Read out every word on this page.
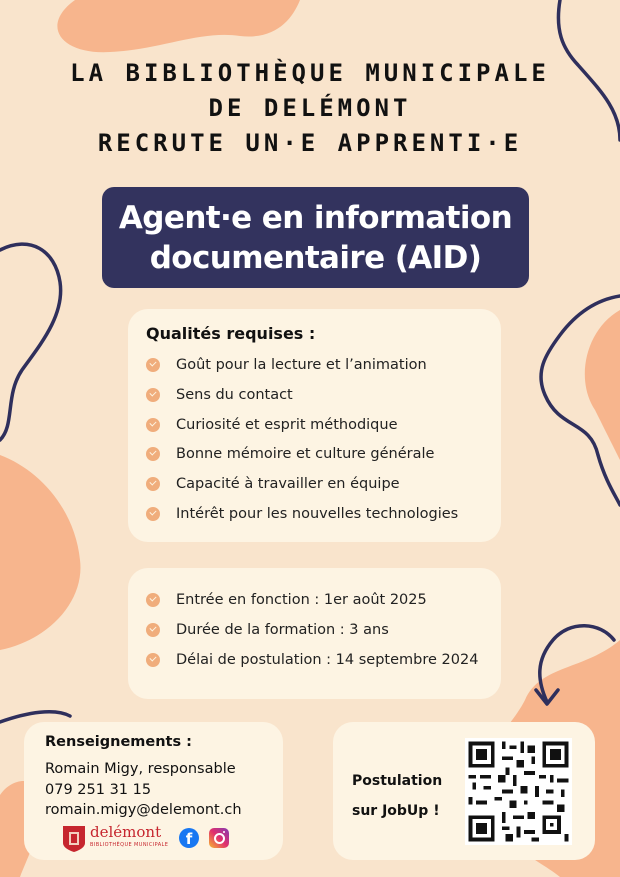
LA BIBLIOTHÈQUE MUNICIPALE
DE DELÉMONT
RECRUTE UN·E APPRENTI·E
Agent·e en information
documentaire (AID)
Qualités requises :
Goût pour la lecture et l’animation
Sens du contact
Curiosité et esprit méthodique
Bonne mémoire et culture générale
Capacité à travailler en équipe
Intérêt pour les nouvelles technologies
Entrée en fonction : 1er août 2025
Durée de la formation : 3 ans
Délai de postulation : 14 septembre 2024
Renseignements :
Romain Migy, responsable
079 251 31 15
romain.migy@delemont.ch
delémont
BIBLIOTHÈQUE MUNICIPALE	f
Postulation
sur JobUp !
